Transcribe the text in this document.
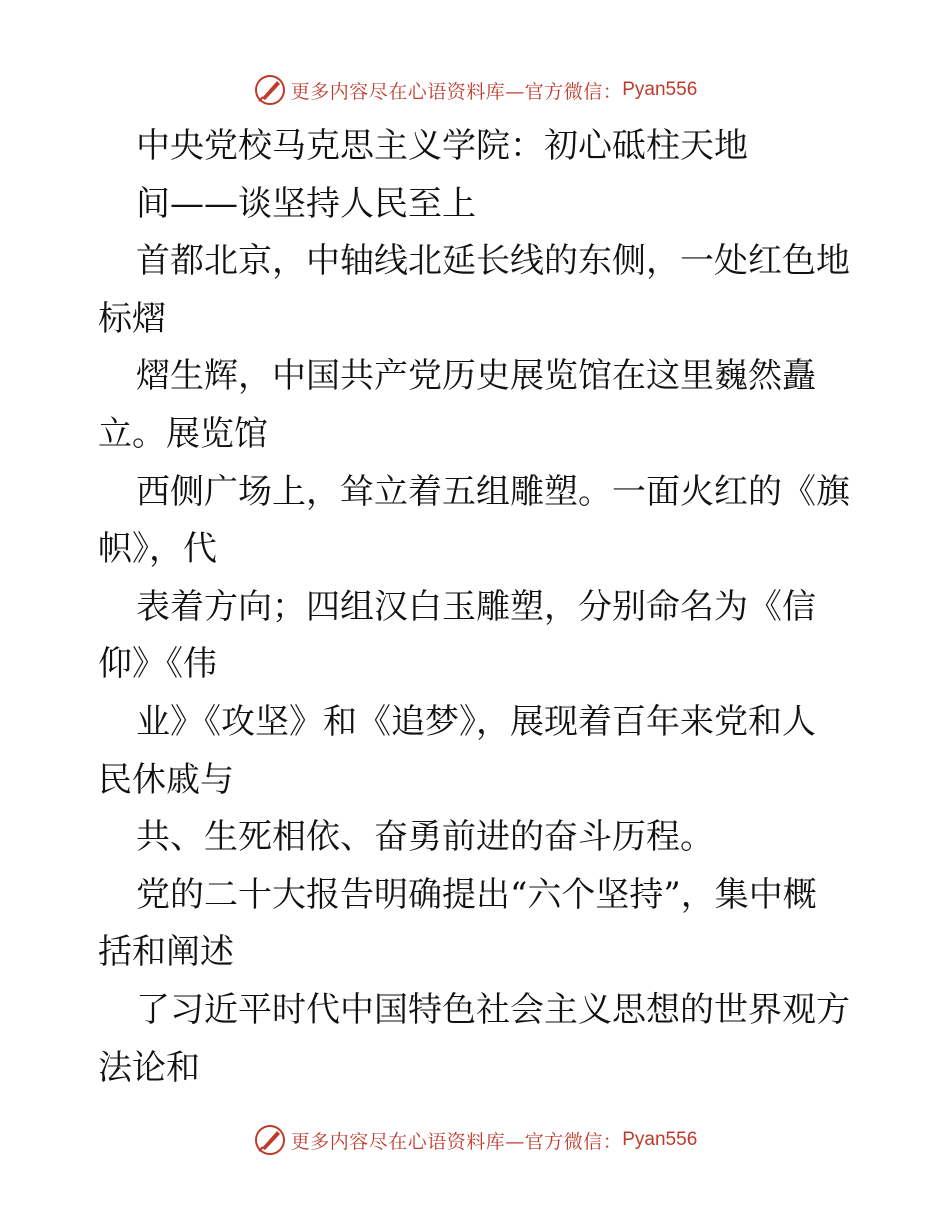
更多内容尽在心语资料库—官方微信： Pyan556
中央党校马克思主义学院：初心砥柱天地
间——谈坚持人民至上
首都北京，中轴线北延长线的东侧，一处红色地
标熠
熠生辉，中国共产党历史展览馆在这里巍然矗
立。展览馆
西侧广场上，耸立着五组雕塑。一面火红的《旗
帜》，代
表着方向；四组汉白玉雕塑，分别命名为《信
仰》《伟
业》《攻坚》和《追梦》，展现着百年来党和人
民休戚与
共、生死相依、奋勇前进的奋斗历程。
党的二十大报告明确提出“六个坚持”，集中概
括和阐述
了习近平时代中国特色社会主义思想的世界观方
法论和
更多内容尽在心语资料库—官方微信： Pyan556
